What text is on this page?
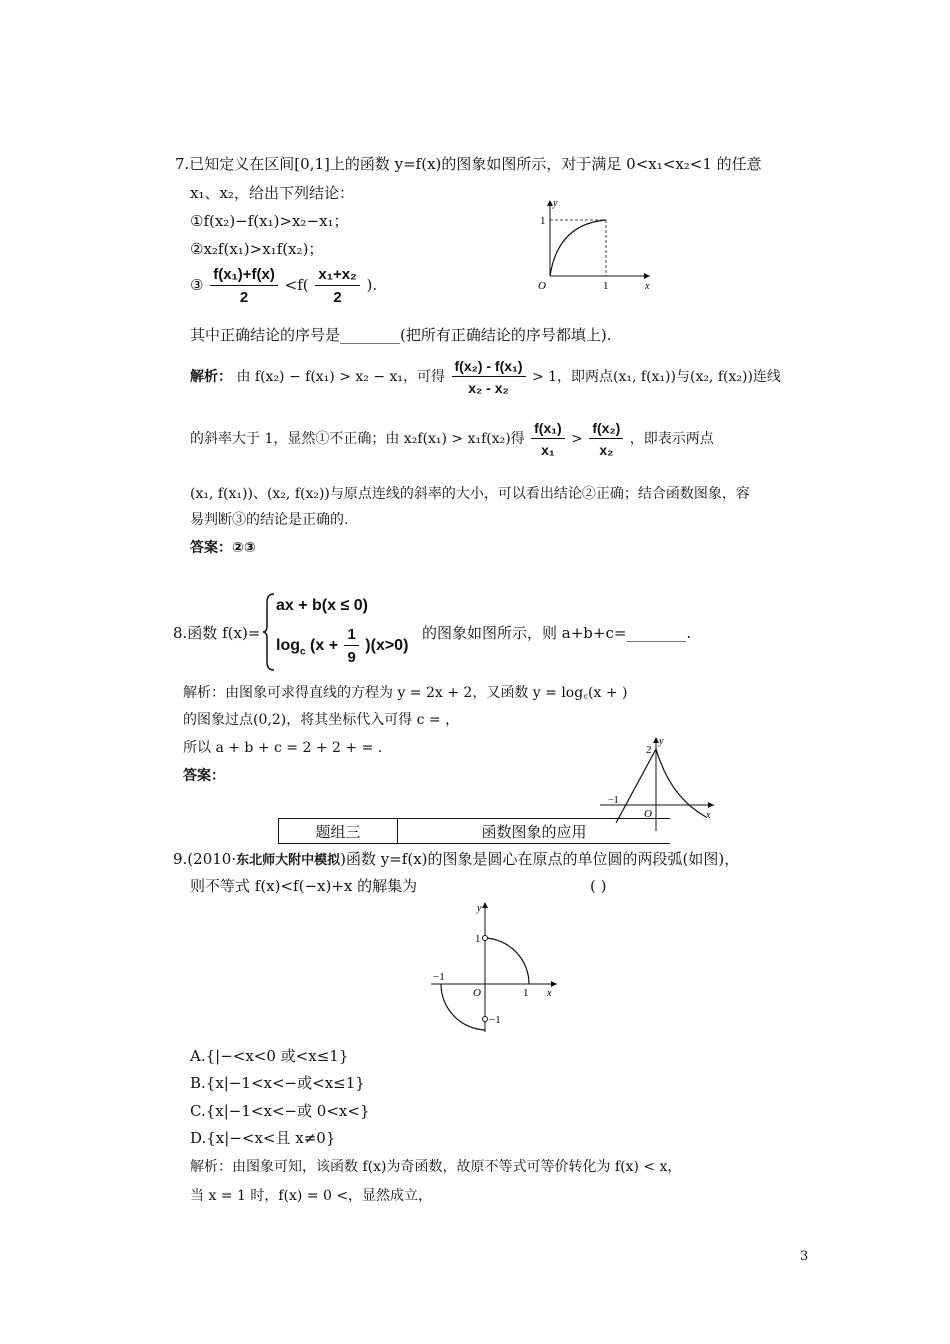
7.已知定义在区间[0,1]上的函数 y=f(x)的图象如图所示，对于满足 0<x₁<x₂<1 的任意
x₁、x₂，给出下列结论：
①f(x₂)−f(x₁)>x₂−x₁；
②x₂f(x₁)>x₁f(x₂)；
③ $\frac{\text{f(x₁)+f(x)}}{2} <f( \frac{\text{x₁+x₂}}{2}$ ).
y
x
1
1
O
其中正确结论的序号是________(把所有正确结论的序号都填上).
解析： 由 f(x₂) − f(x₁) > x₂ − x₁，可得 $\frac{\text{f(x₂) - f(x₁)}}{\text{x₂ - x₂}} > 1$，即两点(x₁, f(x₁))与(x₂, f(x₂))连线
的斜率大于 1，显然①不正确；由 x₂f(x₁) > x₁f(x₂)得 $\frac{\text{f(x₁)}}{\text{x₁}} > \frac{\text{f(x₂)}}{\text{x₂}}$ ，即表示两点
(x₁, f(x₁))、(x₂, f(x₂))与原点连线的斜率的大小，可以看出结论②正确；结合函数图象，容
易判断③的结论是正确的.
答案：②③
8.函数 f(x)=
ax + b(x ≤ 0)
$\log_c (x + \frac{1}{9} )(x>0)$
的图象如图所示，则 a+b+c=________.
解析：由图象可求得直线的方程为 y = 2x + 2，又函数 y = log꜀(x + )
的图象过点(0,2)，将其坐标代入可得 c = ，
所以 a + b + c = 2 + 2 + = .
答案：
y
x
2
−1
O
题组三	函数图象的应用
9.(2010·东北师大附中模拟)函数 y=f(x)的图象是圆心在原点的单位圆的两段弧(如图)，
则不等式 f(x)<f(−x)+x 的解集为	( )
y
x
1
−1
1
−1
O
A.{|−<x<0 或<x≤1}
B.{x|−1<x<−或<x≤1}
C.{x|−1<x<−或 0<x<}
D.{x|−<x<且 x≠0}
解析：由图象可知，该函数 f(x)为奇函数，故原不等式可等价转化为 f(x) < x，
当 x = 1 时，f(x) = 0 <，显然成立，
3
